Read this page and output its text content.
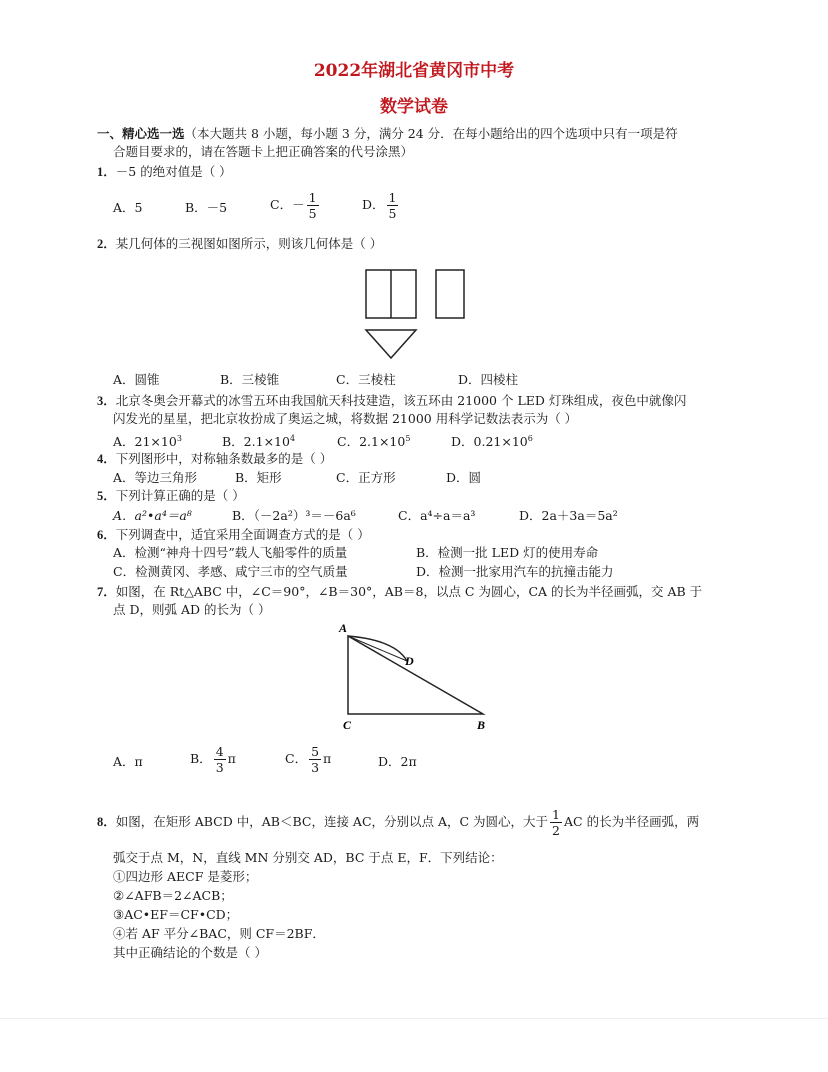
2022年湖北省黄冈市中考
数学试卷
一、精心选一选（本大题共 8 小题，每小题 3 分，满分 24 分．在每小题给出的四个选项中只有一项是符
合题目要求的，请在答题卡上把正确答案的代号涂黑）
1．－5 的绝对值是（ ）
A．5	B．－5	C．－ $\frac{1}{5}$	D． $\frac{1}{5}$
2．某几何体的三视图如图所示，则该几何体是（ ）
A．圆锥	B．三棱锥	C．三棱柱	D．四棱柱
3．北京冬奥会开幕式的冰雪五环由我国航天科技建造，该五环由 21000 个 LED 灯珠组成，夜色中就像闪
闪发光的星星，把北京妆扮成了奥运之城，将数据 21000 用科学记数法表示为（ ）
A．$21\times 10^3$	B．$2.1\times 10^4$	C．$2.1\times 10^5$	D．$0.21\times 10^6$
4．下列图形中，对称轴条数最多的是（ ）
A．等边三角形	B．矩形	C．正方形	D．圆
5．下列计算正确的是（ ）
A．a²•a⁴＝a⁸	B．（－2a²）³＝－6a⁶	C．a⁴÷a＝a³	D．2a＋3a＝5a²
6．下列调查中，适宜采用全面调查方式的是（ ）
A．检测“神舟十四号”载人飞船零件的质量	B．检测一批 LED 灯的使用寿命
C．检测黄冈、孝感、咸宁三市的空气质量	D．检测一批家用汽车的抗撞击能力
7．如图，在 Rt△ABC 中，∠C＝90°，∠B＝30°，AB＝8，以点 C 为圆心，CA 的长为半径画弧，交 AB 于
点 D，则弧 AD 的长为（ ）
A
D
C	B
A．π	B． $\frac{4}{3}$ π	C． $\frac{5}{3}$ π	D．2π
8．如图，在矩形 ABCD 中，AB＜BC，连接 AC，分别以点 A，C 为圆心，大于 $\frac{1}{2}$ AC 的长为半径画弧，两
弧交于点 M，N，直线 MN 分别交 AD，BC 于点 E，F．下列结论：
①四边形 AECF 是菱形；
②∠AFB＝2∠ACB；
③AC•EF＝CF•CD；
④若 AF 平分∠BAC，则 CF＝2BF．
其中正确结论的个数是（ ）
